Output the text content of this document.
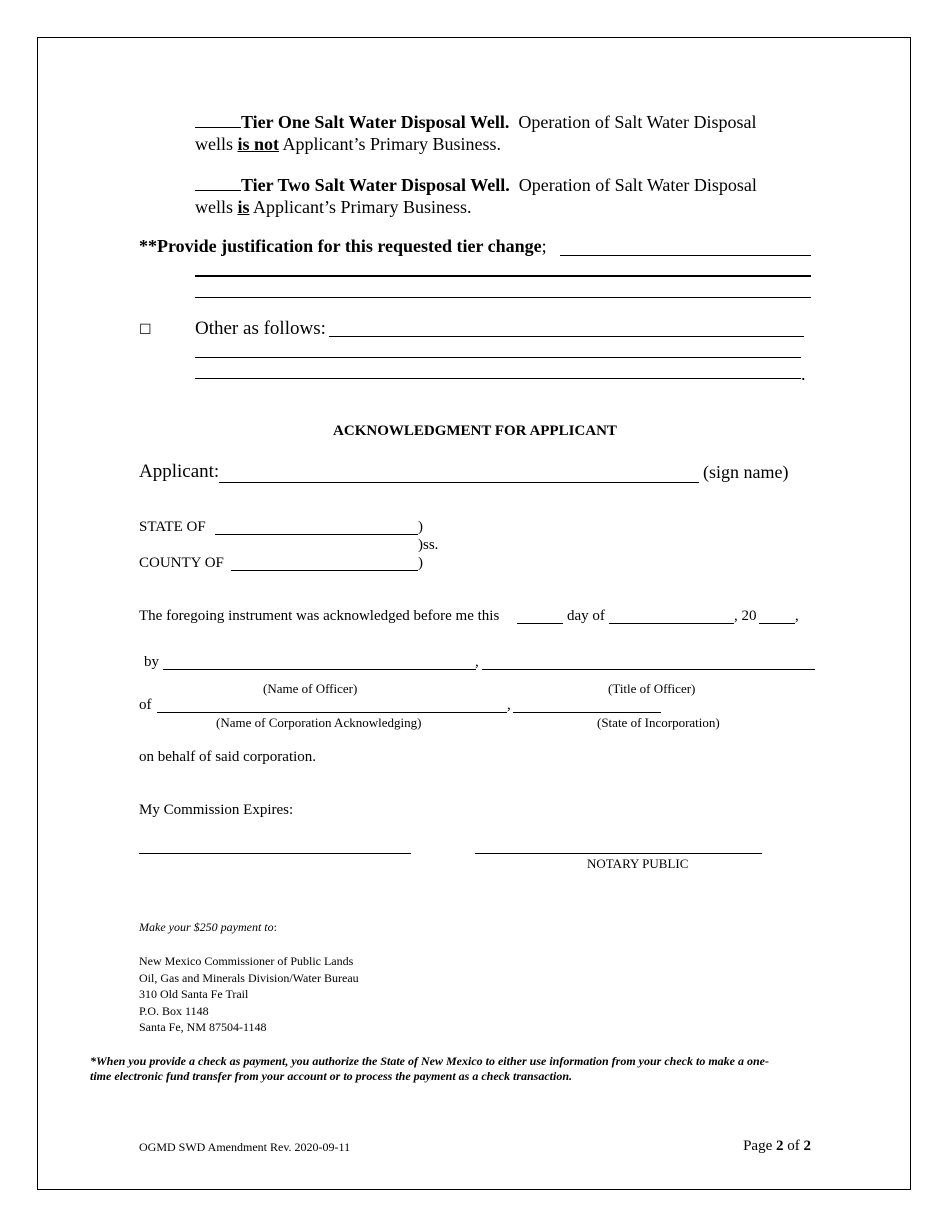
Tier One Salt Water Disposal Well. Operation of Salt Water Disposal
wells is not Applicant’s Primary Business.
Tier Two Salt Water Disposal Well. Operation of Salt Water Disposal
wells is Applicant’s Primary Business.
**Provide justification for this requested tier change;
☐ Other as follows:
.
ACKNOWLEDGMENT FOR APPLICANT
Applicant:	(sign name)
STATE OF	)
)ss.
COUNTY OF	)
The foregoing instrument was acknowledged before me this	day of	, 20	,
by	,
(Name of Officer)	(Title of Officer)
of	,
(Name of Corporation Acknowledging)	(State of Incorporation)
on behalf of said corporation.
My Commission Expires:
NOTARY PUBLIC
Make your $250 payment to:
New Mexico Commissioner of Public Lands
Oil, Gas and Minerals Division/Water Bureau
310 Old Santa Fe Trail
P.O. Box 1148
Santa Fe, NM 87504-1148
*When you provide a check as payment, you authorize the State of New Mexico to either use information from your check to make a one-
time electronic fund transfer from your account or to process the payment as a check transaction.
OGMD SWD Amendment Rev. 2020-09-11	Page 2 of 2
